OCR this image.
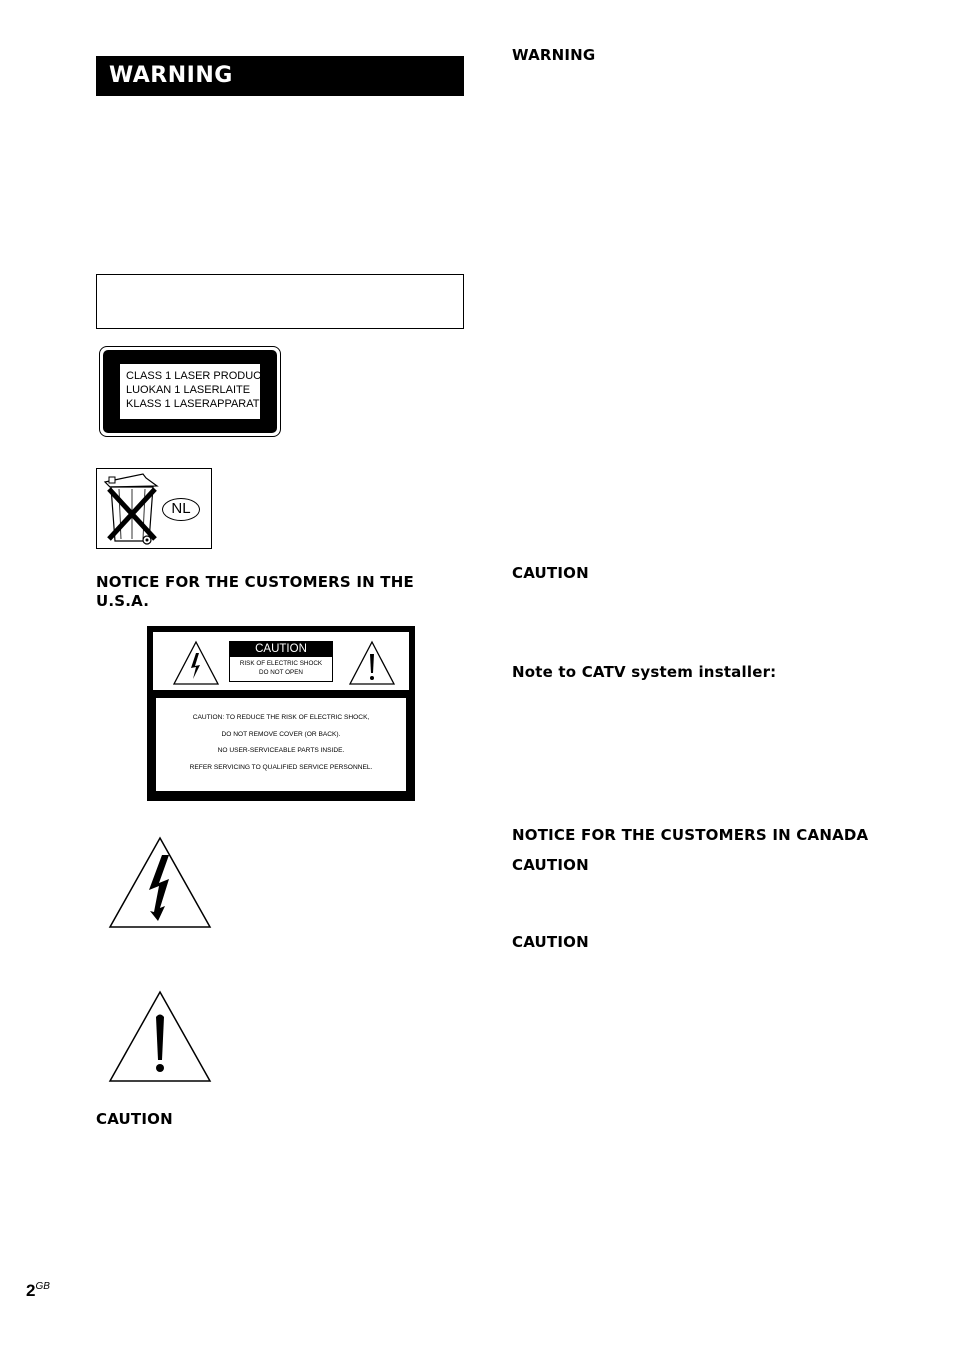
WARNING
CLASS 1 LASER PRODUCT
LUOKAN 1 LASERLAITE
KLASS 1 LASERAPPARAT
NL
NOTICE FOR THE CUSTOMERS IN THE
U.S.A.
CAUTION
RISK OF ELECTRIC SHOCK
DO NOT OPEN
CAUTION: TO REDUCE THE RISK OF ELECTRIC SHOCK,
DO NOT REMOVE COVER (OR BACK).
NO USER-SERVICEABLE PARTS INSIDE.
REFER SERVICING TO QUALIFIED SERVICE PERSONNEL.
CAUTION
WARNING
CAUTION
Note to CATV system installer:
NOTICE FOR THE CUSTOMERS IN CANADA
CAUTION
CAUTION
$2^{GB}$
